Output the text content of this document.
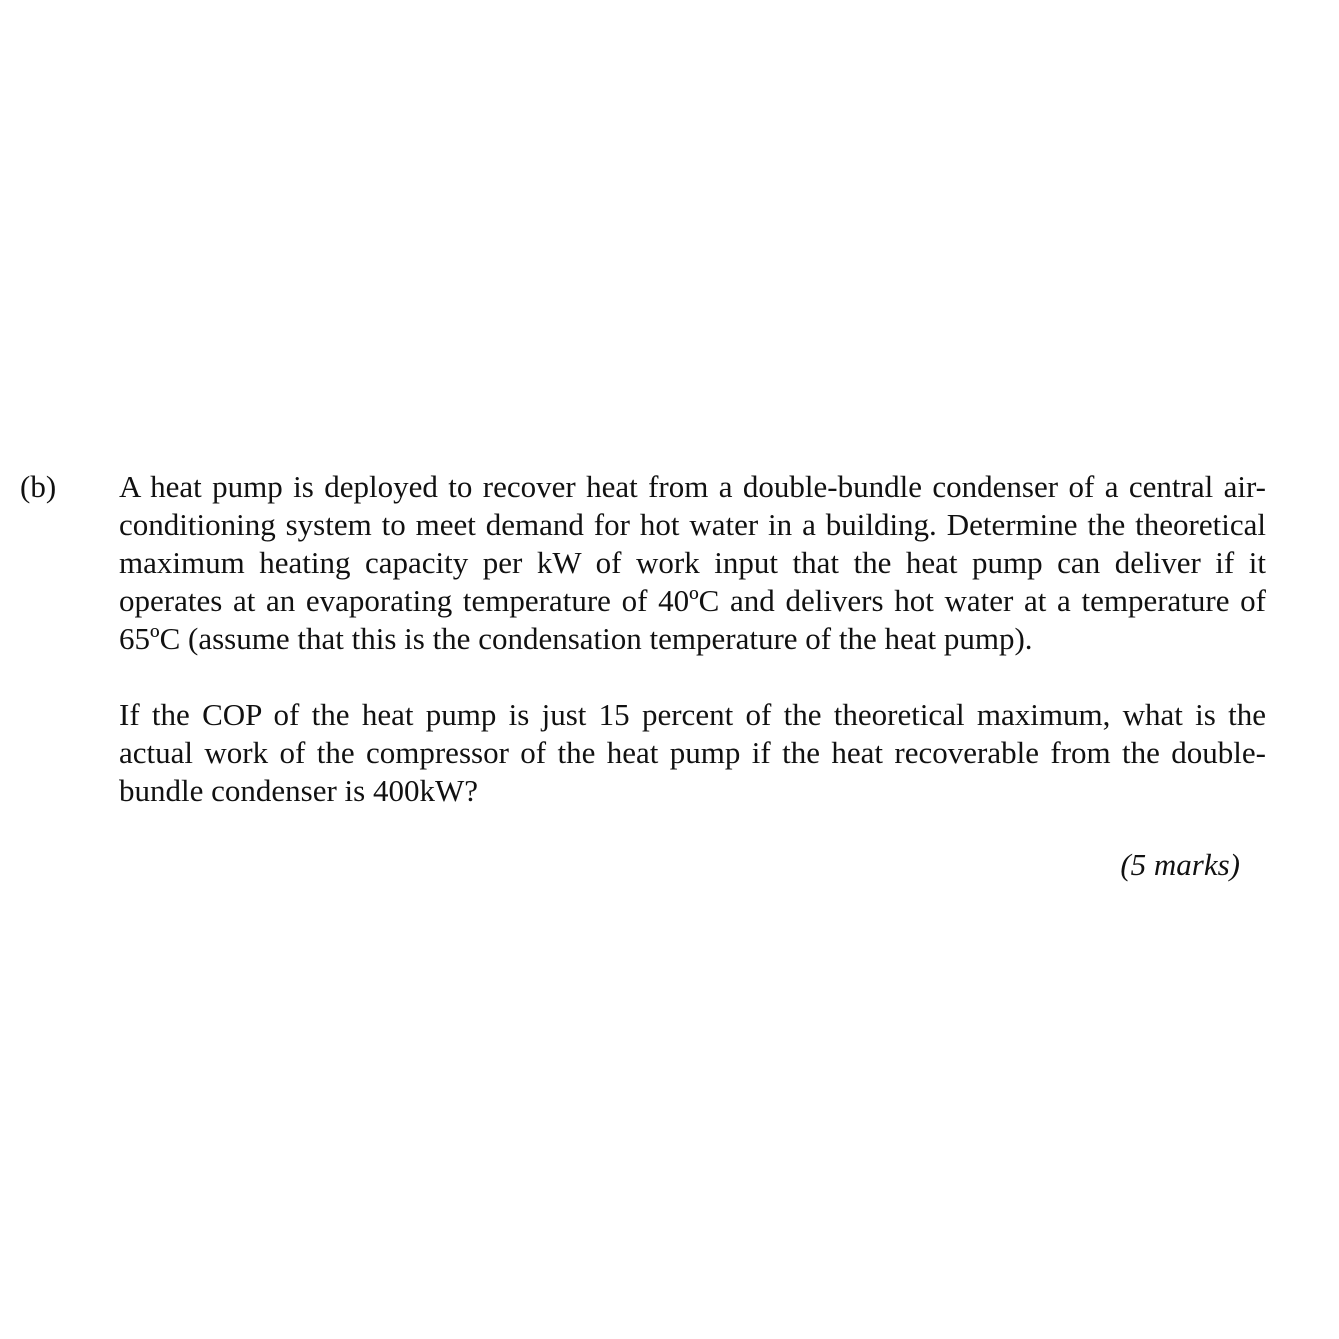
(b) A heat pump is deployed to recover heat from a double-bundle condenser of a central air-conditioning system to meet demand for hot water in a building. Determine the theoretical maximum heating capacity per kW of work input that the heat pump can deliver if it operates at an evaporating temperature of 40ºC and delivers hot water at a temperature of 65ºC (assume that this is the condensation temperature of the heat pump).

If the COP of the heat pump is just 15 percent of the theoretical maximum, what is the actual work of the compressor of the heat pump if the heat recoverable from the double-bundle condenser is 400kW?

(5 marks)
